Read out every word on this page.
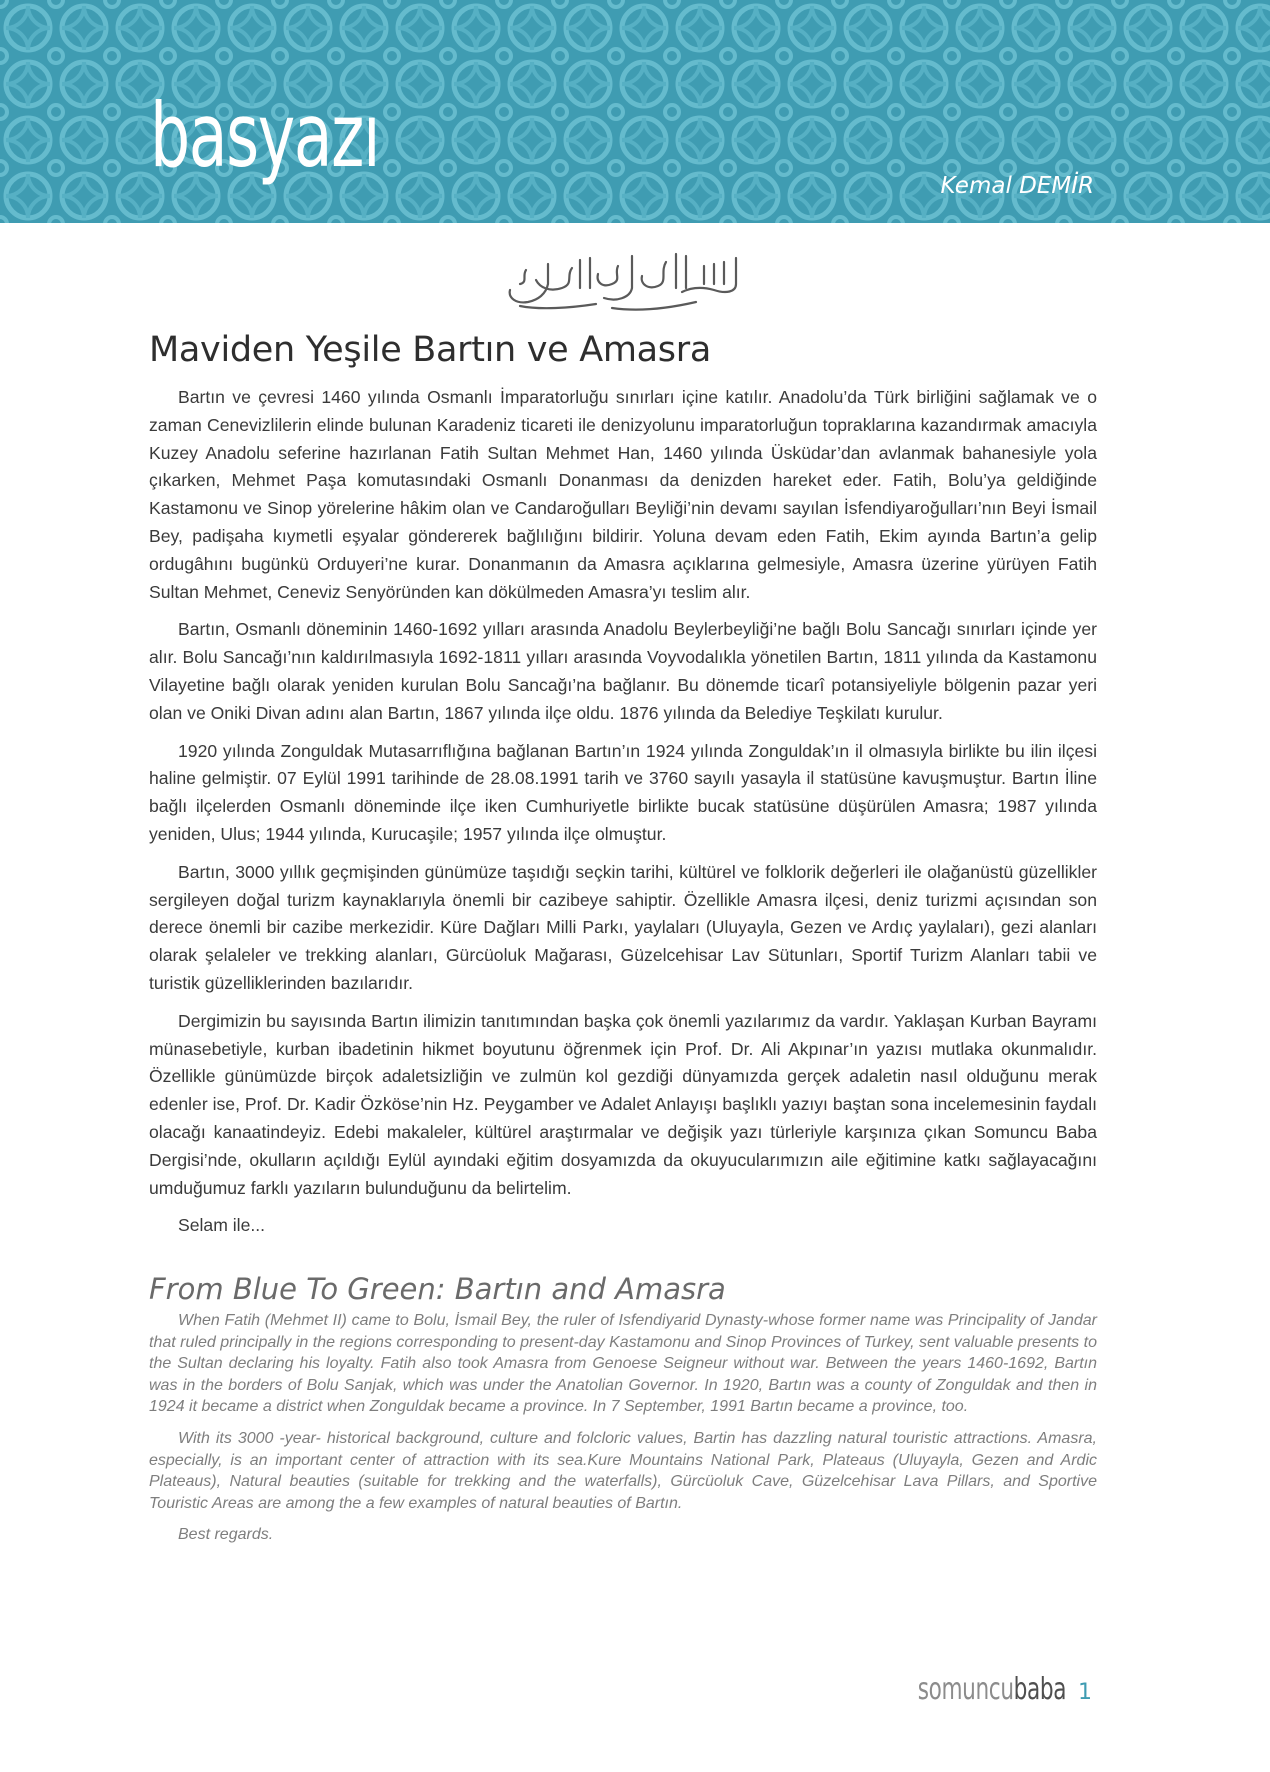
basyazı	Kemal DEMİR
Maviden Yeşile Bartın ve Amasra

Bartın ve çevresi 1460 yılında Osmanlı İmparatorluğu sınırları içine katılır. Anadolu’da Türk birliğini sağlamak ve o zaman Cenevizlilerin elinde bulunan Karadeniz ticareti ile denizyolunu imparatorluğun topraklarına kazandırmak amacıyla Kuzey Anadolu seferine hazırlanan Fatih Sultan Mehmet Han, 1460 yılında Üsküdar’dan avlanmak bahanesiyle yola çıkarken, Mehmet Paşa komutasındaki Osmanlı Donanması da denizden hareket eder. Fatih, Bolu’ya geldiğinde Kastamonu ve Sinop yörelerine hâkim olan ve Candaroğulları Beyliği’nin devamı sayılan İsfendiyaroğulları’nın Beyi İsmail Bey, padişaha kıymetli eşyalar göndererek bağlılığını bildirir. Yoluna devam eden Fatih, Ekim ayında Bartın’a gelip ordugâhını bugünkü Orduyeri’ne kurar. Donanmanın da Amasra açıklarına gelmesiyle, Amasra üzerine yürüyen Fatih Sultan Mehmet, Ceneviz Senyöründen kan dökülmeden Amasra’yı teslim alır.

Bartın, Osmanlı döneminin 1460-1692 yılları arasında Anadolu Beylerbeyliği’ne bağlı Bolu Sancağı sınırları içinde yer alır. Bolu Sancağı’nın kaldırılmasıyla 1692-1811 yılları arasında Voyvodalıkla yönetilen Bartın, 1811 yılında da Kastamonu Vilayetine bağlı olarak yeniden kurulan Bolu Sancağı’na bağlanır. Bu dönemde ticarî potansiyeliyle bölgenin pazar yeri olan ve Oniki Divan adını alan Bartın, 1867 yılında ilçe oldu. 1876 yılında da Belediye Teşkilatı kurulur.

1920 yılında Zonguldak Mutasarrıflığına bağlanan Bartın’ın 1924 yılında Zonguldak’ın il olmasıyla birlikte bu ilin ilçesi haline gelmiştir. 07 Eylül 1991 tarihinde de 28.08.1991 tarih ve 3760 sayılı yasayla il statüsüne kavuşmuştur. Bartın İline bağlı ilçelerden Osmanlı döneminde ilçe iken Cumhuriyetle birlikte bucak statüsüne düşürülen Amasra; 1987 yılında yeniden, Ulus; 1944 yılında, Kurucaşile; 1957 yılında ilçe olmuştur.

Bartın, 3000 yıllık geçmişinden günümüze taşıdığı seçkin tarihi, kültürel ve folklorik değerleri ile olağanüstü güzellikler sergileyen doğal turizm kaynaklarıyla önemli bir cazibeye sahiptir. Özellikle Amasra ilçesi, deniz turizmi açısından son derece önemli bir cazibe merkezidir. Küre Dağları Milli Parkı, yaylaları (Uluyayla, Gezen ve Ardıç yaylaları), gezi alanları olarak şelaleler ve trekking alanları, Gürcüoluk Mağarası, Güzelcehisar Lav Sütunları, Sportif Turizm Alanları tabii ve turistik güzelliklerinden bazılarıdır.

Dergimizin bu sayısında Bartın ilimizin tanıtımından başka çok önemli yazılarımız da vardır. Yaklaşan Kurban Bayramı münasebetiyle, kurban ibadetinin hikmet boyutunu öğrenmek için Prof. Dr. Ali Akpınar’ın yazısı mutlaka okunmalıdır. Özellikle günümüzde birçok adaletsizliğin ve zulmün kol gezdiği dünyamızda gerçek adaletin nasıl olduğunu merak edenler ise, Prof. Dr. Kadir Özköse’nin Hz. Peygamber ve Adalet Anlayışı başlıklı yazıyı baştan sona incelemesinin faydalı olacağı kanaatindeyiz. Edebi makaleler, kültürel araştırmalar ve değişik yazı türleriyle karşınıza çıkan Somuncu Baba Dergisi’nde, okulların açıldığı Eylül ayındaki eğitim dosyamızda da okuyucularımızın aile eğitimine katkı sağlayacağını umduğumuz farklı yazıların bulunduğunu da belirtelim.

Selam ile...

From Blue To Green: Bartın and Amasra

When Fatih (Mehmet II) came to Bolu, İsmail Bey, the ruler of Isfendiyarid Dynasty-whose former name was Principality of Jandar that ruled principally in the regions corresponding to present-day Kastamonu and Sinop Provinces of Turkey, sent valuable presents to the Sultan declaring his loyalty. Fatih also took Amasra from Genoese Seigneur without war. Between the years 1460-1692, Bartın was in the borders of Bolu Sanjak, which was under the Anatolian Governor. In 1920, Bartın was a county of Zonguldak and then in 1924 it became a district when Zonguldak became a province. In 7 September, 1991 Bartın became a province, too.

With its 3000 -year- historical background, culture and folcloric values, Bartin has dazzling natural touristic attractions. Amasra, especially, is an important center of attraction with its sea.Kure Mountains National Park, Plateaus (Uluyayla, Gezen and Ardic Plateaus), Natural beauties (suitable for trekking and the waterfalls), Gürcüoluk Cave, Güzelcehisar Lava Pillars, and Sportive Touristic Areas are among the a few examples of natural beauties of Bartın.

Best regards.

somuncu baba 1
